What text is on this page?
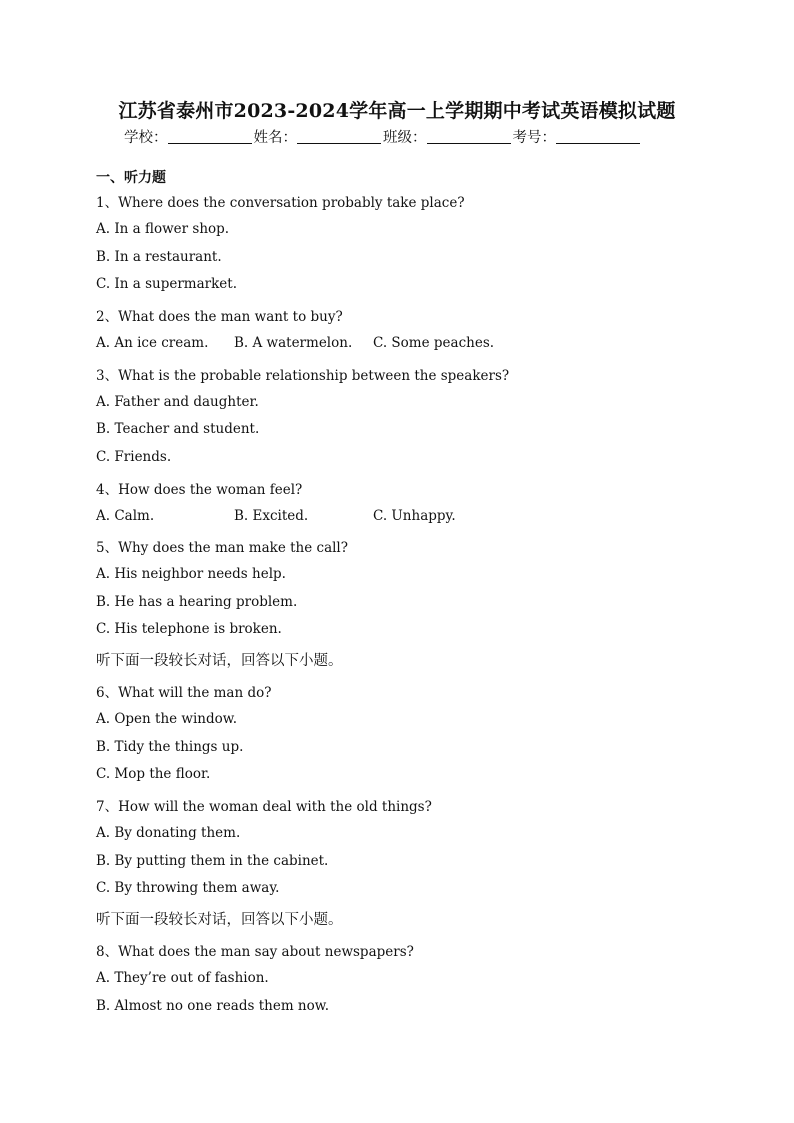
江苏省泰州市2023-2024学年高一上学期期中考试英语模拟试题
学校：	姓名：	班级：	考号：
一、听力题
1、Where does the conversation probably take place?
A. In a flower shop.
B. In a restaurant.
C. In a supermarket.
2、What does the man want to buy?
A. An ice cream. B. A watermelon. C. Some peaches.
3、What is the probable relationship between the speakers?
A. Father and daughter.
B. Teacher and student.
C. Friends.
4、How does the woman feel?
A. Calm.	B. Excited.	C. Unhappy.
5、Why does the man make the call?
A. His neighbor needs help.
B. He has a hearing problem.
C. His telephone is broken.
听下面一段较长对话，回答以下小题。
6、What will the man do?
A. Open the window.
B. Tidy the things up.
C. Mop the floor.
7、How will the woman deal with the old things?
A. By donating them.
B. By putting them in the cabinet.
C. By throwing them away.
听下面一段较长对话，回答以下小题。
8、What does the man say about newspapers?
A. They’re out of fashion.
B. Almost no one reads them now.
